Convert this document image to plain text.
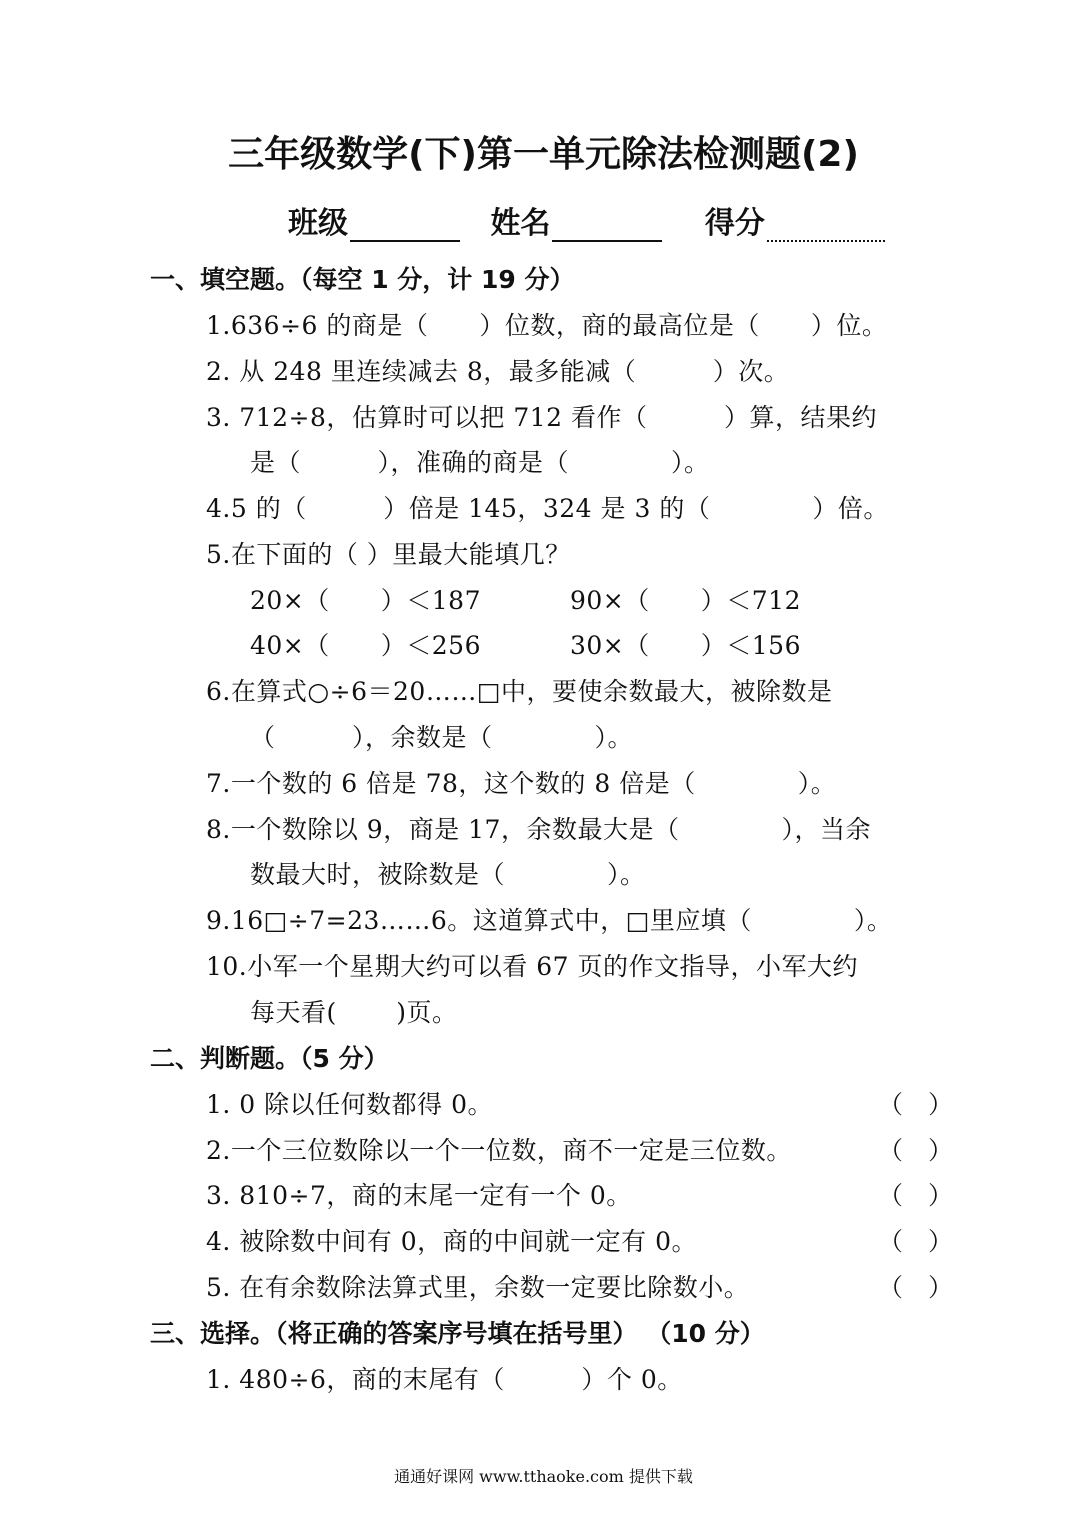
三年级数学(下)第一单元除法检测题(2)
班级	姓名	得分
一、填空题。（每空 1 分，计 19 分）
1.636÷6 的商是（　　）位数，商的最高位是（　　）位。
2. 从 248 里连续减去 8，最多能减（　　　）次。
3. 712÷8，估算时可以把 712 看作（　　　）算，结果约
是（　　　），准确的商是（　　　　）。
4.5 的（　　　）倍是 145，324 是 3 的（　　　　）倍。
5.在下面的（ ）里最大能填几？
20×（　　）＜187	90×（　　）＜712
40×（　　）＜256	30×（　　）＜156
6.在算式○÷6＝20……□中，要使余数最大，被除数是
（　　　），余数是（　　　　）。
7.一个数的 6 倍是 78，这个数的 8 倍是（　　　　）。
8.一个数除以 9，商是 17，余数最大是（　　　　），当余
数最大时，被除数是（　　　　）。
9.16□÷7=23……6。这道算式中，□里应填（　　　　）。
10.小军一个星期大约可以看 67 页的作文指导，小军大约
每天看(　　 )页。
二、判断题。（5 分）
1. 0 除以任何数都得 0。	（　）
2.一个三位数除以一个一位数，商不一定是三位数。	（　）
3. 810÷7，商的末尾一定有一个 0。	（　）
4. 被除数中间有 0，商的中间就一定有 0。	（　）
5. 在有余数除法算式里，余数一定要比除数小。	（　）
三、选择。（将正确的答案序号填在括号里） （10 分）
1. 480÷6，商的末尾有（　　　）个 0。
通通好课网 www.tthaoke.com 提供下载
